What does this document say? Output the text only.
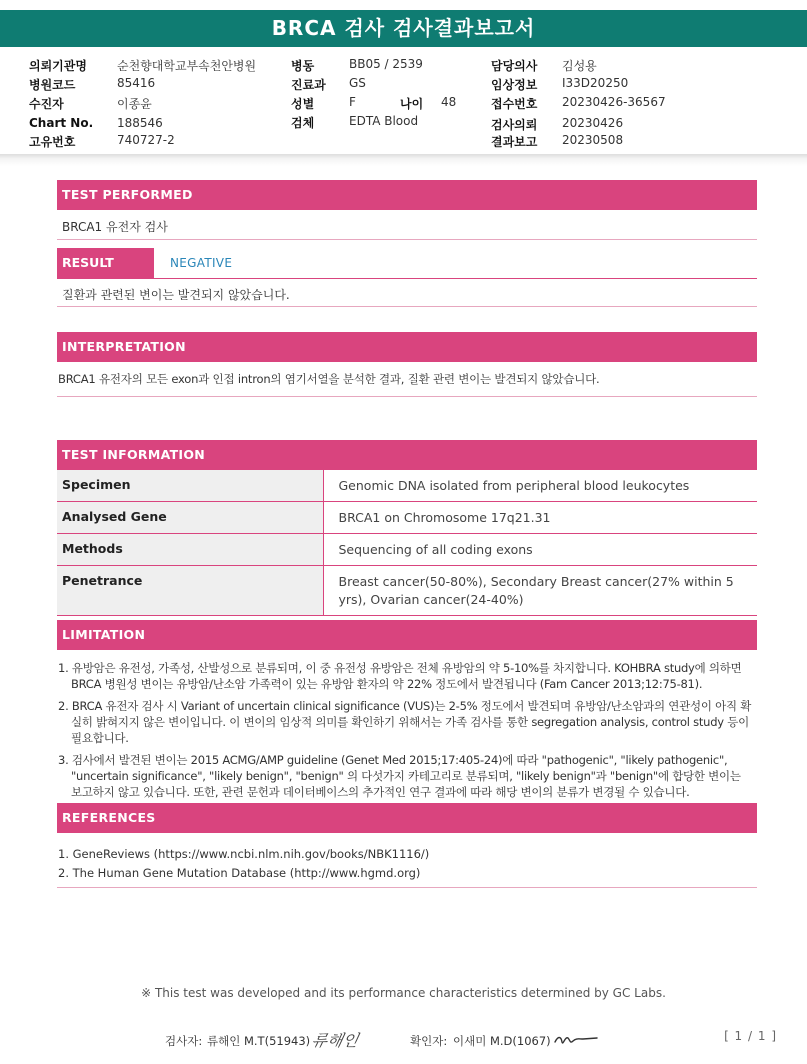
BRCA 검사 검사결과보고서
의뢰기관명	순천향대학교부속천안병원
병원코드	85416
수진자	이종윤
Chart No. 188546
고유번호	740727-2
병동	BB05 / 2539
진료과 GS
성별	F	나이 48
검체	EDTA Blood
담당의사 김성용
임상정보 I33D20250
접수번호 20230426-36567
검사의뢰 20230426
결과보고 20230508
TEST PERFORMED
BRCA1 유전자 검사
RESULT	NEGATIVE
질환과 관련된 변이는 발견되지 않았습니다.
INTERPRETATION
BRCA1 유전자의 모든 exon과 인접 intron의 염기서열을 분석한 결과, 질환 관련 변이는 발견되지 않았습니다.
TEST INFORMATION
Specimen	Genomic DNA isolated from peripheral blood leukocytes
Analysed Gene	BRCA1 on Chromosome 17q21.31
Methods	Sequencing of all coding exons
Penetrance	Breast cancer(50-80%), Secondary Breast cancer(27% within 5 yrs), Ovarian cancer(24-40%)
LIMITATION
1. 유방암은 유전성, 가족성, 산발성으로 분류되며, 이 중 유전성 유방암은 전체 유방암의 약 5-10%를 차지합니다. KOHBRA study에 의하면 BRCA 병원성 변이는 유방암/난소암 가족력이 있는 유방암 환자의 약 22% 정도에서 발견됩니다 (Fam Cancer 2013;12:75-81).
2. BRCA 유전자 검사 시 Variant of uncertain clinical significance (VUS)는 2-5% 정도에서 발견되며 유방암/난소암과의 연관성이 아직 확실히 밝혀지지 않은 변이입니다. 이 변이의 임상적 의미를 확인하기 위해서는 가족 검사를 통한 segregation analysis, control study 등이 필요합니다.
3. 검사에서 발견된 변이는 2015 ACMG/AMP guideline (Genet Med 2015;17:405-24)에 따라 "pathogenic", "likely pathogenic", "uncertain significance", "likely benign", "benign" 의 다섯가지 카테고리로 분류되며, "likely benign"과 "benign"에 합당한 변이는 보고하지 않고 있습니다. 또한, 관련 문헌과 데이터베이스의 추가적인 연구 결과에 따라 해당 변이의 분류가 변경될 수 있습니다.
REFERENCES
1. GeneReviews (https://www.ncbi.nlm.nih.gov/books/NBK1116/)
2. The Human Gene Mutation Database (http://www.hgmd.org)
※ This test was developed and its performance characteristics determined by GC Labs.
검사자: 류해인 M.T(51943) 류해인	확인자: 이새미 M.D(1067)	[ 1 / 1 ]
